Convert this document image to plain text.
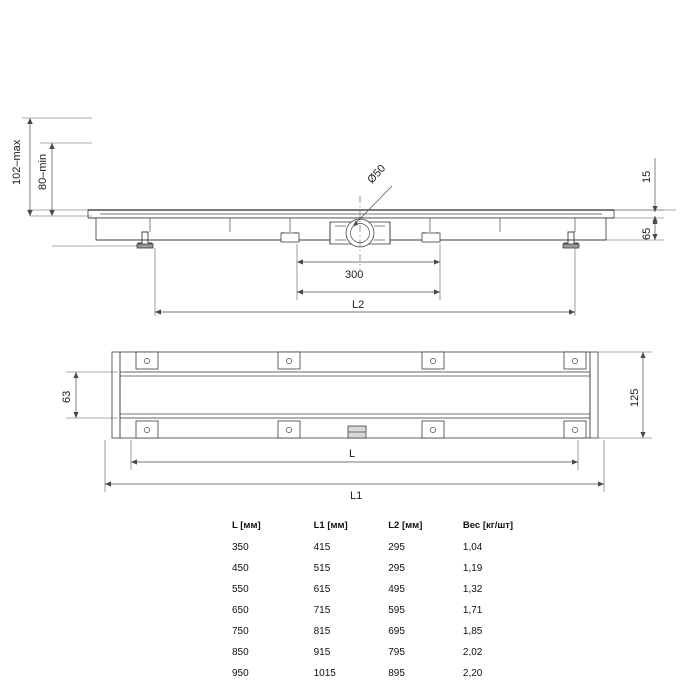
Ø50
102–max 80–min	15
65
300
L2
63	125
L
L1
L [мм]	L1 [мм]	L2 [мм]	Вес [кг/шт]
350	415	295	1,04
450	515	295	1,19
550	615	495	1,32
650	715	595	1,71
750	815	695	1,85
850	915	795	2,02
950	1015	895	2,20
